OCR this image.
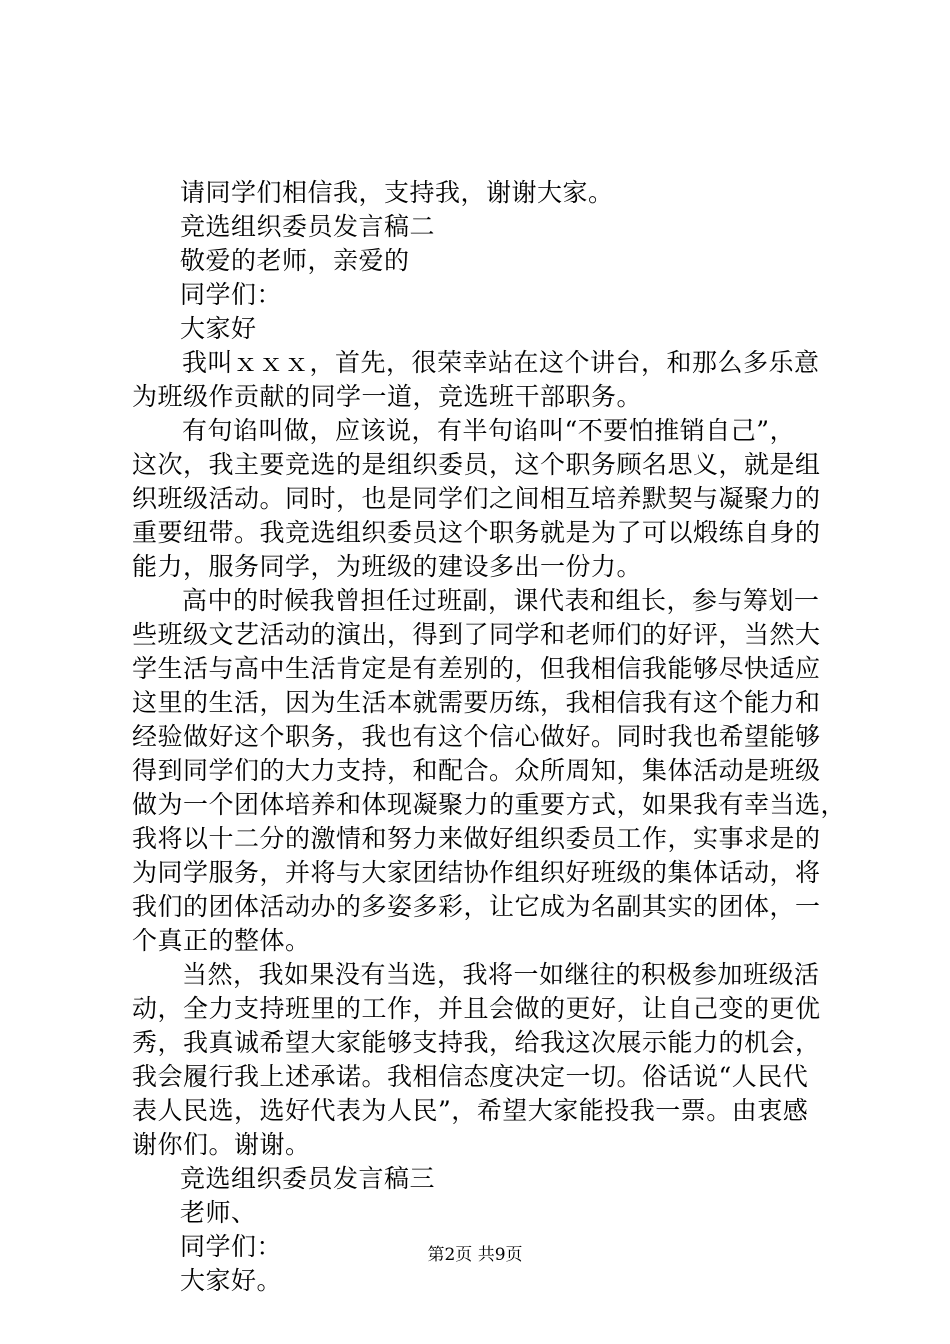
请同学们相信我，支持我，谢谢大家。
竞选组织委员发言稿二
敬爱的老师，亲爱的
同学们：
大家好
我叫ｘｘｘ，首先，很荣幸站在这个讲台，和那么多乐意
为班级作贡献的同学一道，竞选班干部职务。
有句谄叫做，应该说，有半句谄叫“不要怕推销自己”，
这次，我主要竞选的是组织委员，这个职务顾名思义，就是组
织班级活动。同时，也是同学们之间相互培养默契与凝聚力的
重要纽带。我竞选组织委员这个职务就是为了可以煅练自身的
能力，服务同学，为班级的建设多出一份力。
高中的时候我曾担任过班副，课代表和组长，参与筹划一
些班级文艺活动的演出，得到了同学和老师们的好评，当然大
学生活与高中生活肯定是有差别的，但我相信我能够尽快适应
这里的生活，因为生活本就需要历练，我相信我有这个能力和
经验做好这个职务，我也有这个信心做好。同时我也希望能够
得到同学们的大力支持，和配合。众所周知，集体活动是班级
做为一个团体培养和体现凝聚力的重要方式，如果我有幸当选，
我将以十二分的激情和努力来做好组织委员工作，实事求是的
为同学服务，并将与大家团结协作组织好班级的集体话动，将
我们的团体活动办的多姿多彩，让它成为名副其实的团体，一
个真正的整体。
当然，我如果没有当选，我将一如继往的积极参加班级活
动，全力支持班里的工作，并且会做的更好，让自己变的更优
秀，我真诚希望大家能够支持我，给我这次展示能力的机会，
我会履行我上述承诺。我相信态度决定一切。俗话说“人民代
表人民选，选好代表为人民”，希望大家能投我一票。由衷感
谢你们。谢谢。
竞选组织委员发言稿三
老师、
同学们：
大家好。
第2页 共9页
